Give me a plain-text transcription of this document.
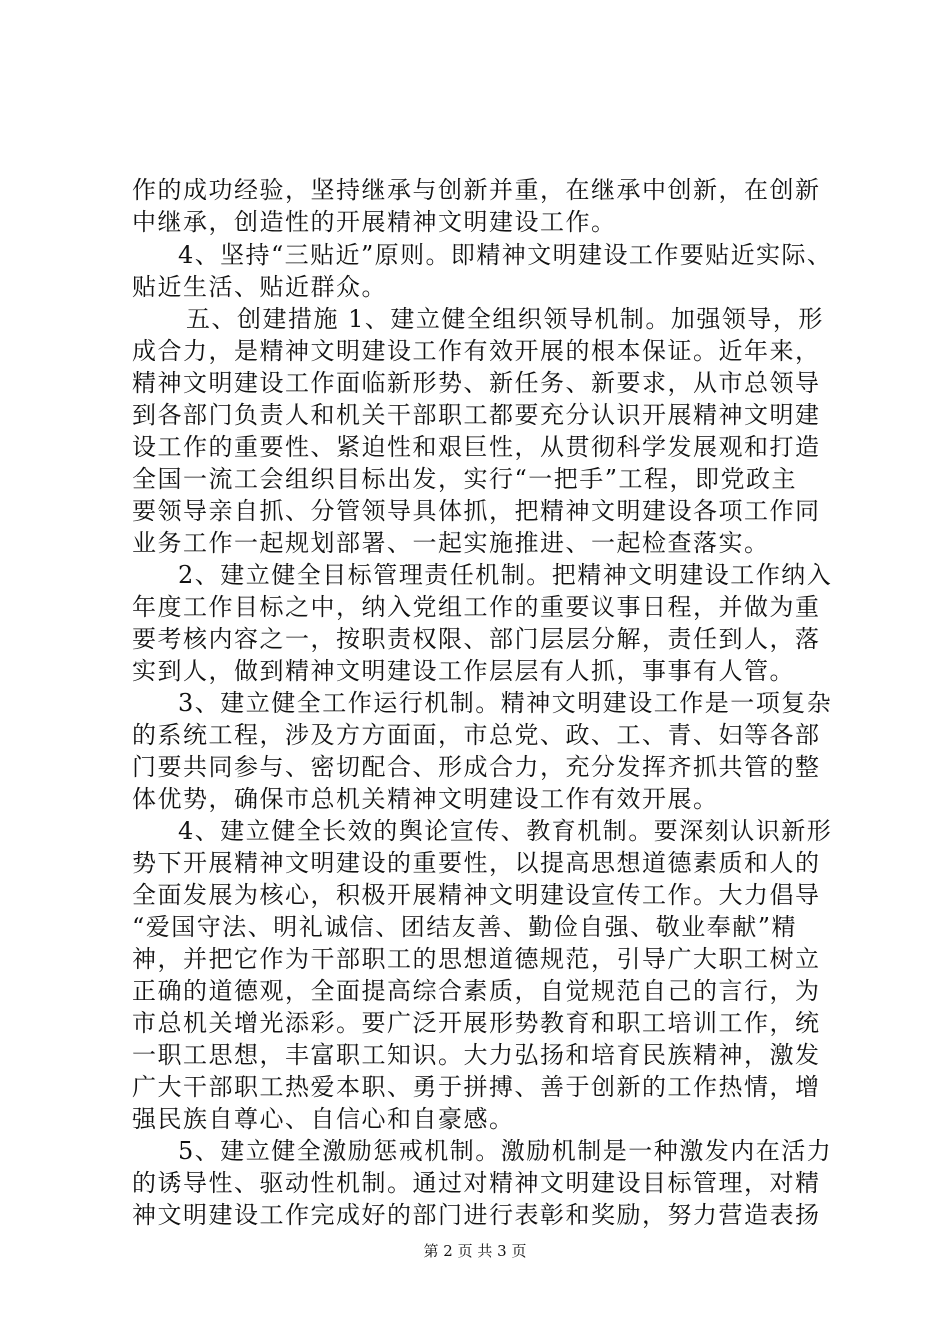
作的成功经验，坚持继承与创新并重，在继承中创新，在创新
中继承，创造性的开展精神文明建设工作。
4、坚持“三贴近”原则。即精神文明建设工作要贴近实际、
贴近生活、贴近群众。
五、创建措施 1、建立健全组织领导机制。加强领导，形
成合力，是精神文明建设工作有效开展的根本保证。近年来，
精神文明建设工作面临新形势、新任务、新要求，从市总领导
到各部门负责人和机关干部职工都要充分认识开展精神文明建
设工作的重要性、紧迫性和艰巨性，从贯彻科学发展观和打造
全国一流工会组织目标出发，实行“一把手”工程，即党政主
要领导亲自抓、分管领导具体抓，把精神文明建设各项工作同
业务工作一起规划部署、一起实施推进、一起检查落实。
2、建立健全目标管理责任机制。把精神文明建设工作纳入
年度工作目标之中，纳入党组工作的重要议事日程，并做为重
要考核内容之一，按职责权限、部门层层分解，责任到人，落
实到人，做到精神文明建设工作层层有人抓，事事有人管。
3、建立健全工作运行机制。精神文明建设工作是一项复杂
的系统工程，涉及方方面面，市总党、政、工、青、妇等各部
门要共同参与、密切配合、形成合力，充分发挥齐抓共管的整
体优势，确保市总机关精神文明建设工作有效开展。
4、建立健全长效的舆论宣传、教育机制。要深刻认识新形
势下开展精神文明建设的重要性，以提高思想道德素质和人的
全面发展为核心，积极开展精神文明建设宣传工作。大力倡导
“爱国守法、明礼诚信、团结友善、勤俭自强、敬业奉献”精
神，并把它作为干部职工的思想道德规范，引导广大职工树立
正确的道德观，全面提高综合素质，自觉规范自己的言行，为
市总机关增光添彩。要广泛开展形势教育和职工培训工作，统
一职工思想，丰富职工知识。大力弘扬和培育民族精神，激发
广大干部职工热爱本职、勇于拼搏、善于创新的工作热情，增
强民族自尊心、自信心和自豪感。
5、建立健全激励惩戒机制。激励机制是一种激发内在活力
的诱导性、驱动性机制。通过对精神文明建设目标管理，对精
神文明建设工作完成好的部门进行表彰和奖励，努力营造表扬
第 2 页 共 3 页
